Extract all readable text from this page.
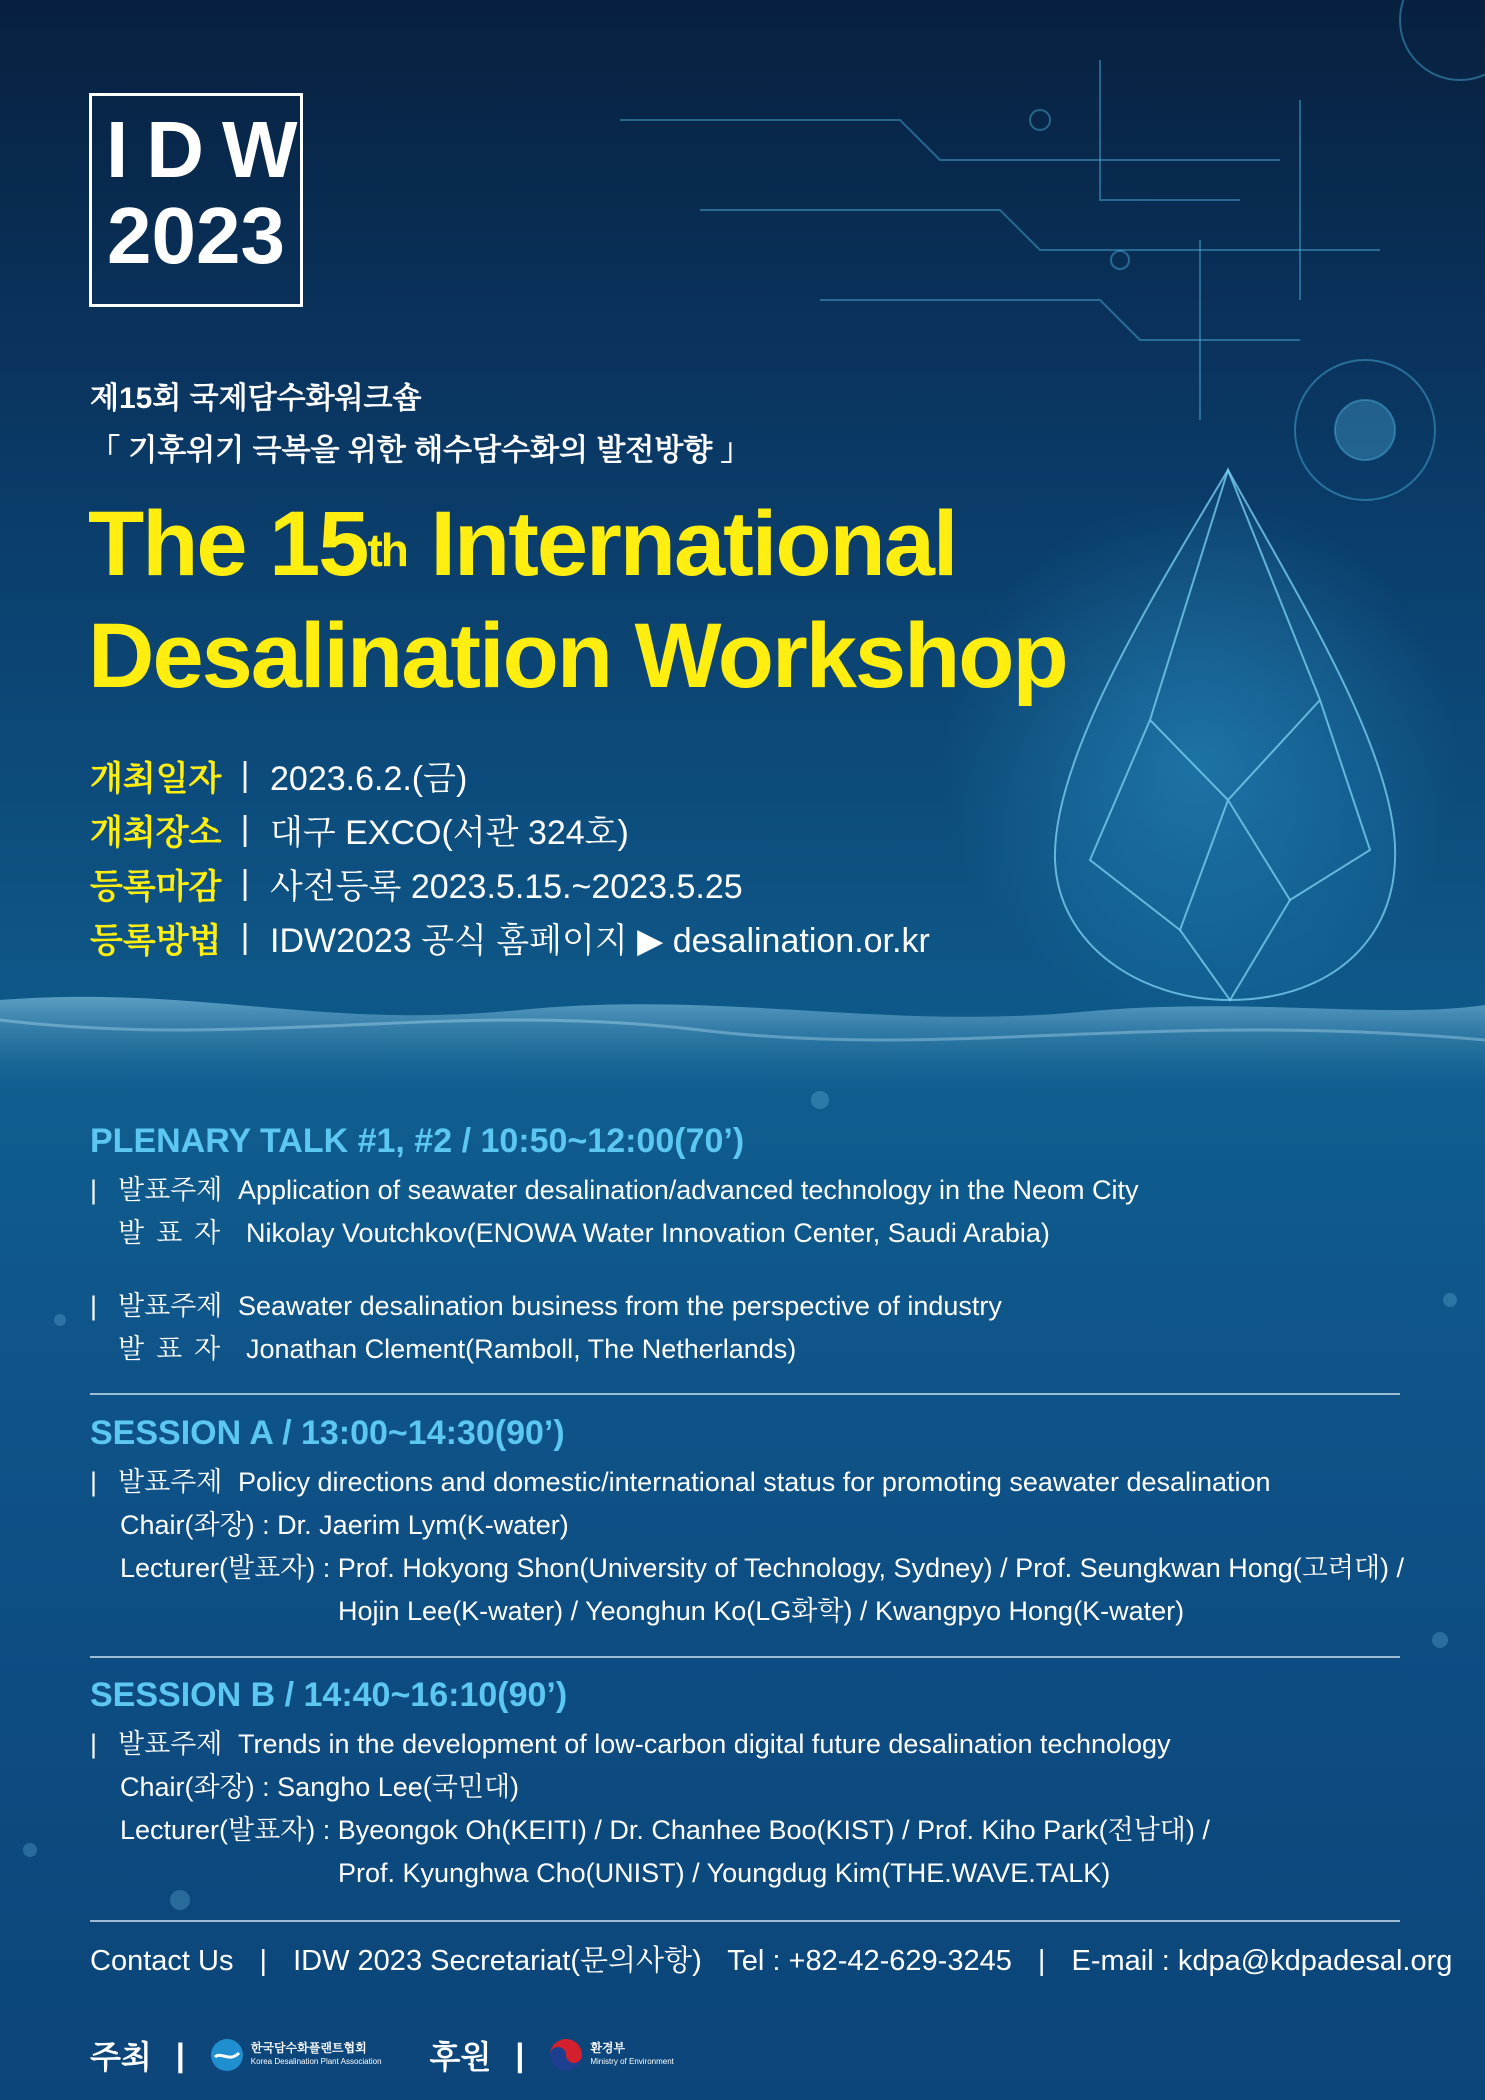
IDW
2023
제15회 국제담수화워크숍
「 기후위기 극복을 위한 해수담수화의 발전방향 」
The 15th International
Desalination Workshop
개최일자 | 2023.6.2.(금)
개최장소 | 대구 EXCO(서관 324호)
등록마감 | 사전등록 2023.5.15.~2023.5.25
등록방법 | IDW2023 공식 홈페이지 ▶ desalination.or.kr
PLENARY TALK #1, #2 / 10:50~12:00(70’)
| 발표주제 Application of seawater desalination/advanced technology in the Neom City
발표자 Nikolay Voutchkov(ENOWA Water Innovation Center, Saudi Arabia)
| 발표주제 Seawater desalination business from the perspective of industry
발표자 Jonathan Clement(Ramboll, The Netherlands)
SESSION A / 13:00~14:30(90’)
| 발표주제 Policy directions and domestic/international status for promoting seawater desalination
Chair(좌장) : Dr. Jaerim Lym(K-water)
Lecturer(발표자) : Prof. Hokyong Shon(University of Technology, Sydney) / Prof. Seungkwan Hong(고려대) /
Hojin Lee(K-water) / Yeonghun Ko(LG화학) / Kwangpyo Hong(K-water)
SESSION B / 14:40~16:10(90’)
| 발표주제 Trends in the development of low-carbon digital future desalination technology
Chair(좌장) : Sangho Lee(국민대)
Lecturer(발표자) : Byeongok Oh(KEITI) / Dr. Chanhee Boo(KIST) / Prof. Kiho Park(전남대) /
Prof. Kyunghwa Cho(UNIST) / Youngdug Kim(THE.WAVE.TALK)
Contact Us | IDW 2023 Secretariat(문의사항) Tel : +82-42-629-3245 | E-mail : kdpa@kdpadesal.org
주최 |	한국담수화플랜트협회
Korea Desalination Plant Association 후원 |	환경부
Ministry of Environment
